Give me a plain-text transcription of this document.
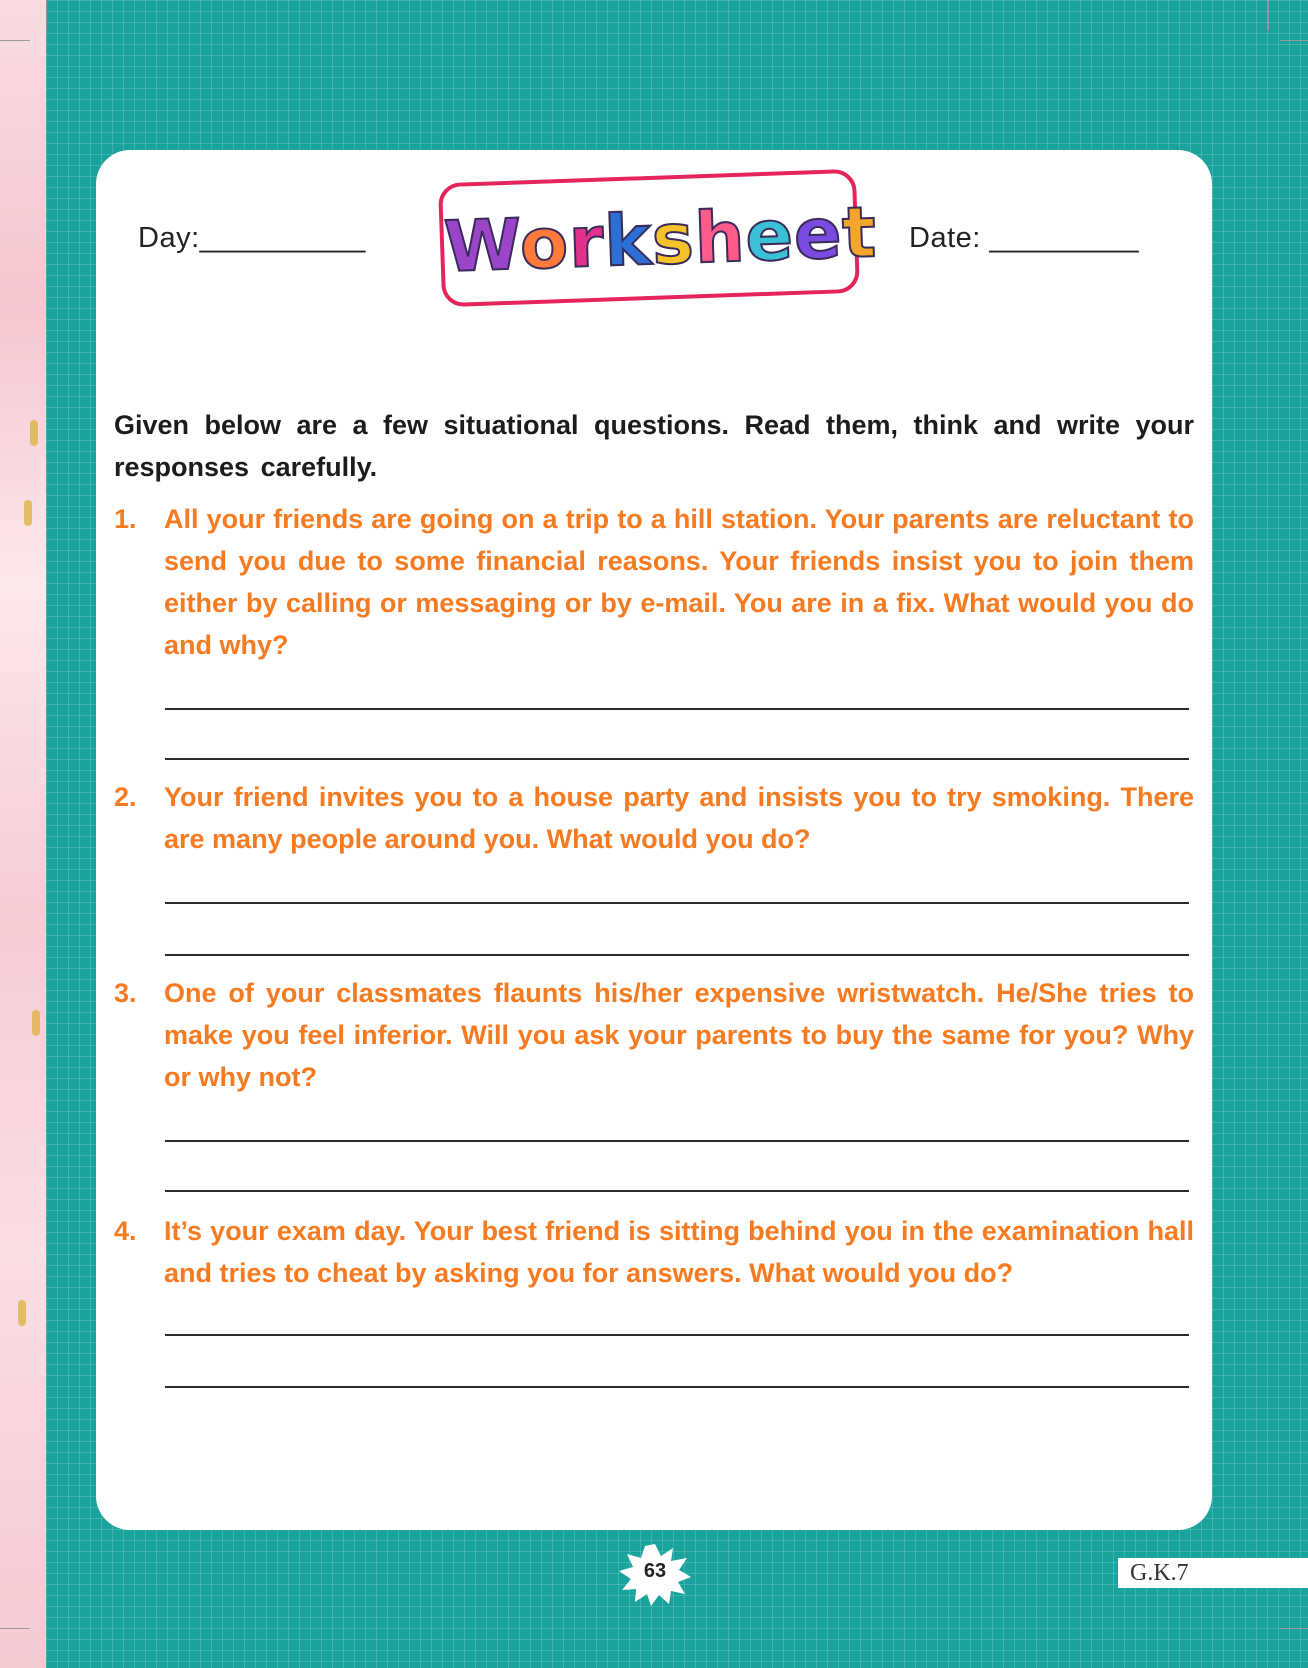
Day:__________	Date: _________
Worksheet
Given below are a few situational questions. Read them, think and write your responses carefully.
1.	All your friends are going on a trip to a hill station. Your parents are reluctant to send you due to some financial reasons. Your friends insist you to join them either by calling or messaging or by e-mail. You are in a fix. What would you do and why?
2.	Your friend invites you to a house party and insists you to try smoking. There are many people around you. What would you do?
3.	One of your classmates flaunts his/her expensive wristwatch. He/She tries to make you feel inferior. Will you ask your parents to buy the same for you? Why or why not?
4.	It’s your exam day. Your best friend is sitting behind you in the examination hall and tries to cheat by asking you for answers. What would you do?
63	G.K.7
